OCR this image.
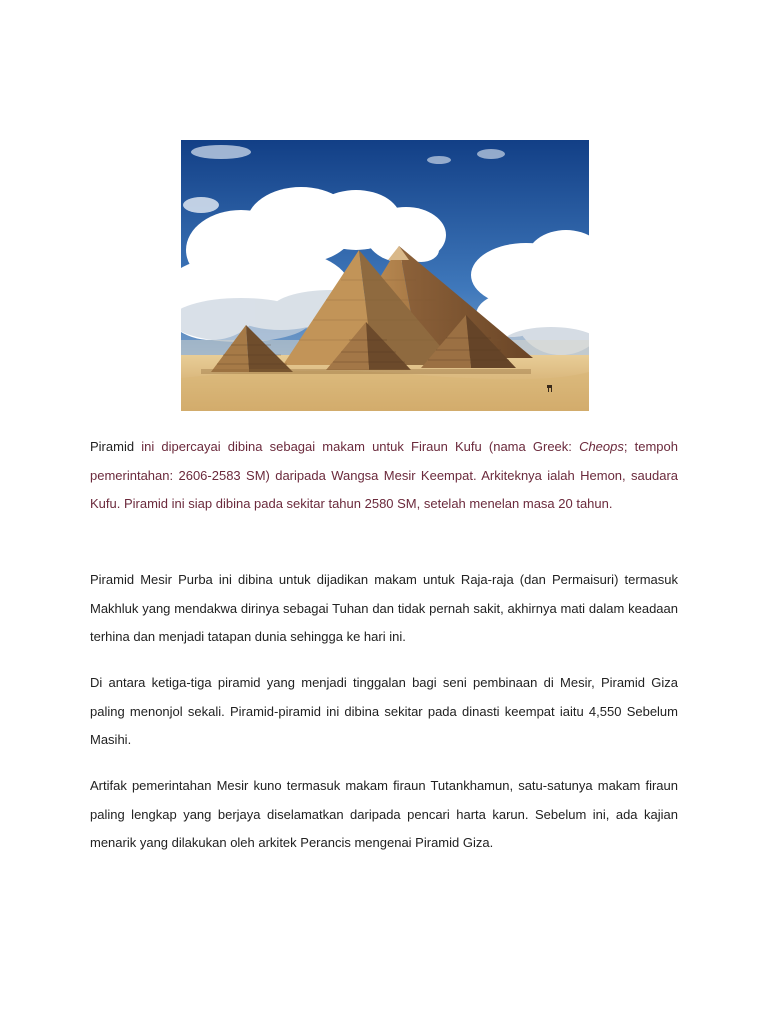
Piramid ini dipercayai dibina sebagai makam untuk Firaun Kufu (nama Greek: Cheops; tempoh pemerintahan: 2606-2583 SM) daripada Wangsa Mesir Keempat. Arkiteknya ialah Hemon, saudara Kufu. Piramid ini siap dibina pada sekitar tahun 2580 SM, setelah menelan masa 20 tahun.

Piramid Mesir Purba ini dibina untuk dijadikan makam untuk Raja-raja (dan Permaisuri) termasuk Makhluk yang mendakwa dirinya sebagai Tuhan dan tidak pernah sakit, akhirnya mati dalam keadaan terhina dan menjadi tatapan dunia sehingga ke hari ini.

Di antara ketiga-tiga piramid yang menjadi tinggalan bagi seni pembinaan di Mesir, Piramid Giza paling menonjol sekali. Piramid-piramid ini dibina sekitar pada dinasti keempat iaitu 4,550 Sebelum Masihi.

Artifak pemerintahan Mesir kuno termasuk makam firaun Tutankhamun, satu-satunya makam firaun paling lengkap yang berjaya diselamatkan daripada pencari harta karun. Sebelum ini, ada kajian menarik yang dilakukan oleh arkitek Perancis mengenai Piramid Giza.
